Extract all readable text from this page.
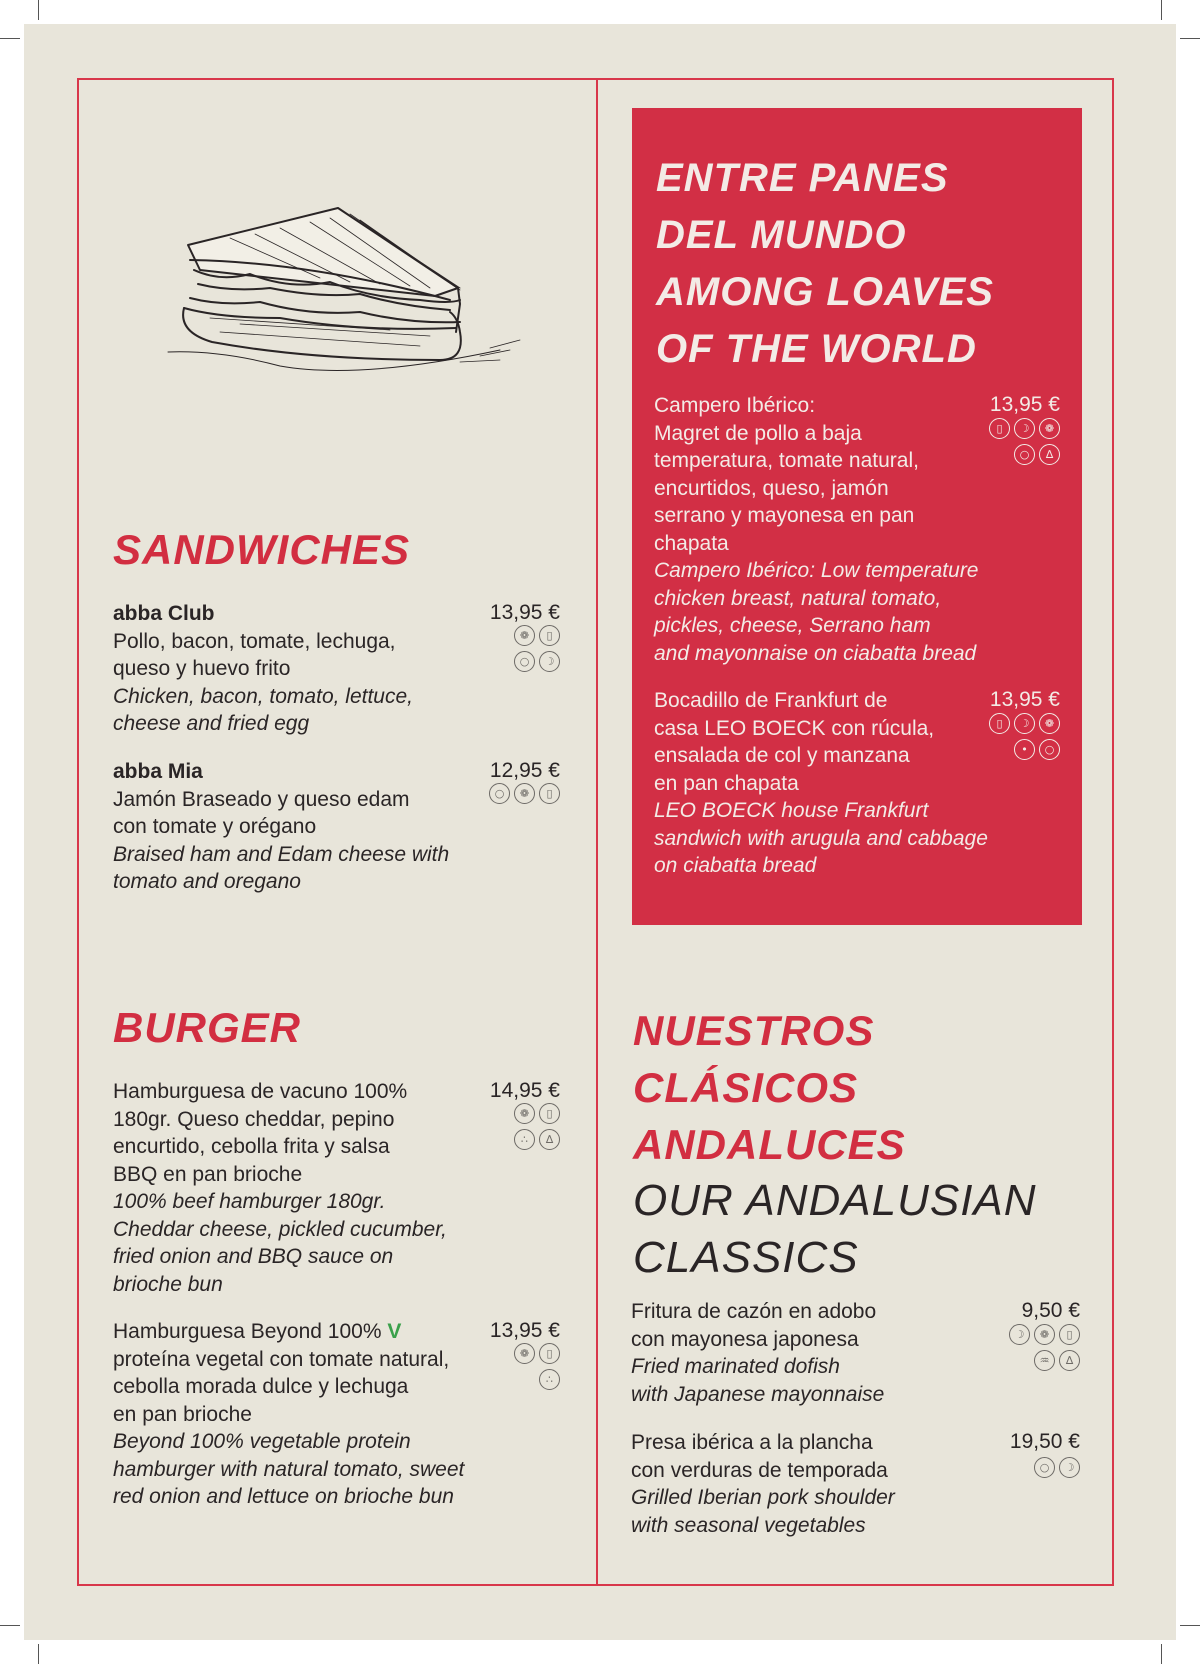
SANDWICHES
abba Club
Pollo, bacon, tomate, lechuga,
queso y huevo frito
Chicken, bacon, tomato, lettuce,
cheese and fried egg
13,95 €
❁	▯
○	☽
abba Mia
Jamón Braseado y queso edam
con tomate y orégano
Braised ham and Edam cheese with
tomato and oregano
12,95 €
○	❁	▯
BURGER
Hamburguesa de vacuno 100%
180gr. Queso cheddar, pepino
encurtido, cebolla frita y salsa
BBQ en pan brioche
100% beef hamburger 180gr.
Cheddar cheese, pickled cucumber,
fried onion and BBQ sauce on
brioche bun
14,95 €
❁	▯
∴	∆
Hamburguesa Beyond 100% V
proteína vegetal con tomate natural,
cebolla morada dulce y lechuga
en pan brioche
Beyond 100% vegetable protein
hamburger with natural tomato, sweet
red onion and lettuce on brioche bun
13,95 €
❁	▯
∴
ENTRE PANES
DEL MUNDO
AMONG LOAVES
OF THE WORLD
Campero Ibérico:
Magret de pollo a baja
temperatura, tomate natural,
encurtidos, queso, jamón
serrano y mayonesa en pan
chapata
Campero Ibérico: Low temperature
chicken breast, natural tomato,
pickles, cheese, Serrano ham
and mayonnaise on ciabatta bread
13,95 €
▯	☽	❁
○	∆
Bocadillo de Frankfurt de
casa LEO BOECK con rúcula,
ensalada de col y manzana
en pan chapata
LEO BOECK house Frankfurt
sandwich with arugula and cabbage
on ciabatta bread
13,95 €
▯	☽	❁
•	○
NUESTROS
CLÁSICOS
ANDALUCES
OUR ANDALUSIAN
CLASSICS
Fritura de cazón en adobo
con mayonesa japonesa
Fried marinated dofish
with Japanese mayonnaise
9,50 €
☽	❁	▯
♒	∆
Presa ibérica a la plancha
con verduras de temporada
Grilled Iberian pork shoulder
with seasonal vegetables
19,50 €
○	☽
